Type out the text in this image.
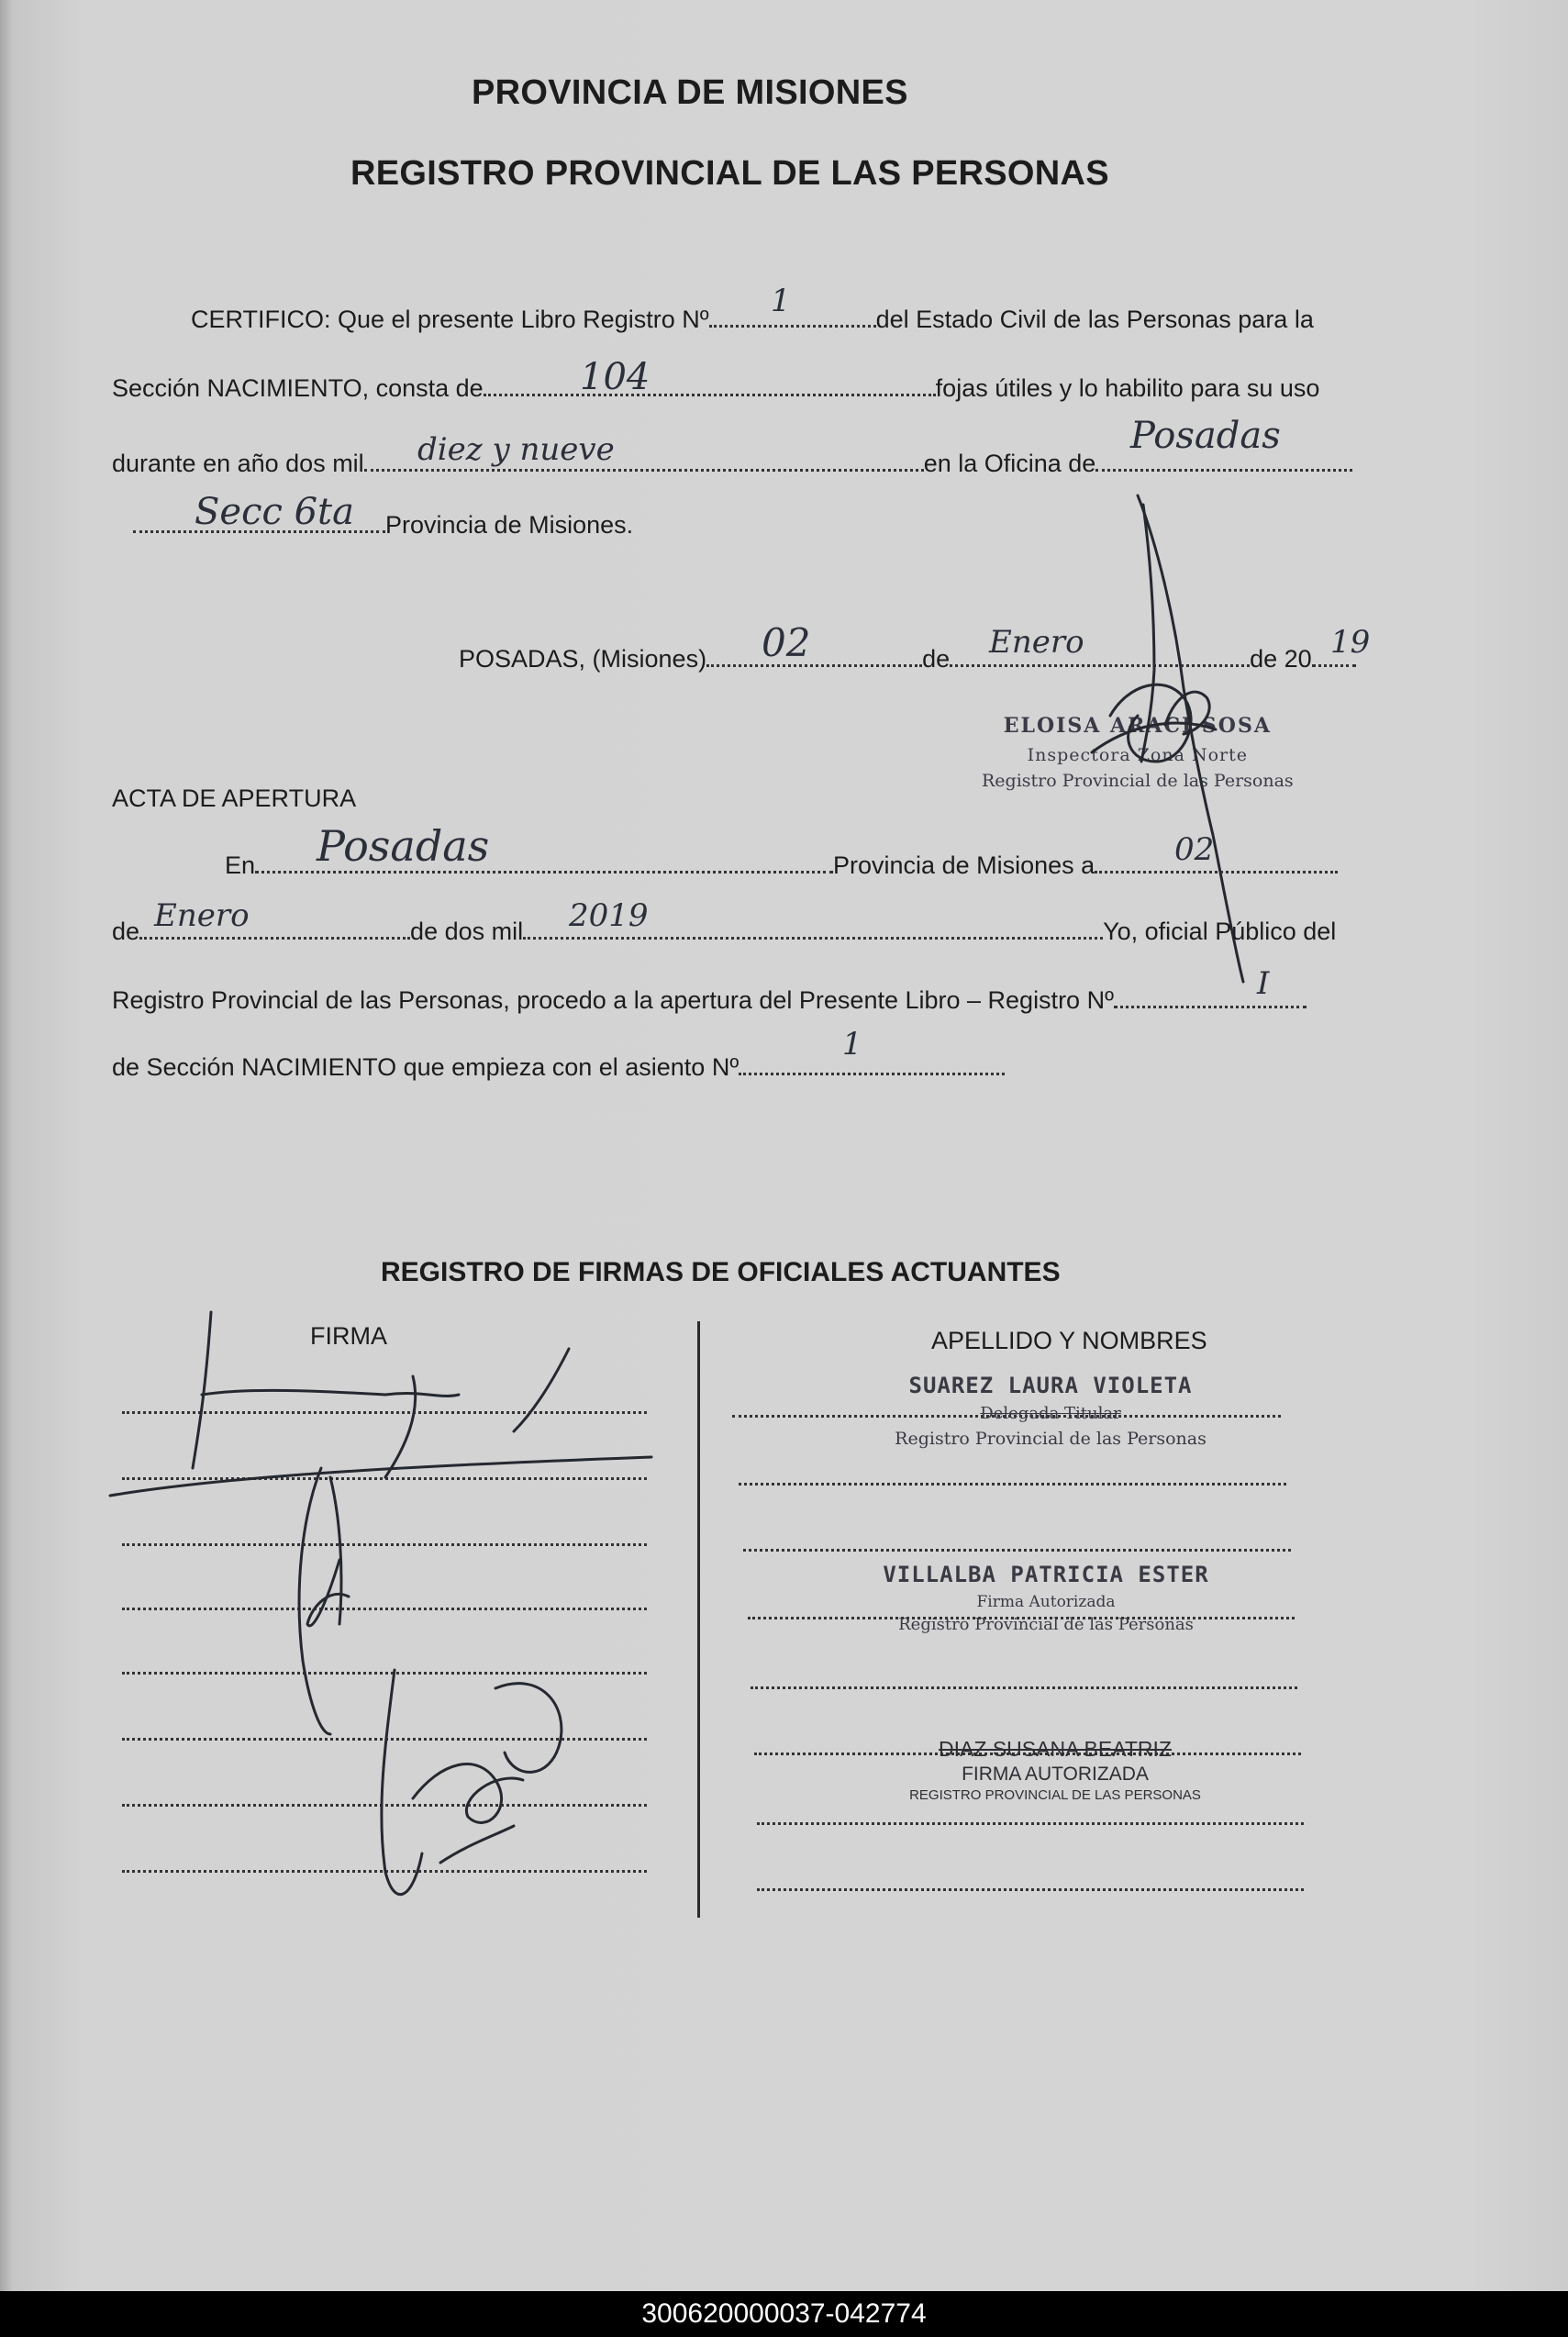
PROVINCIA DE MISIONES
REGISTRO PROVINCIAL DE LAS PERSONAS
CERTIFICO: Que el presente Libro Registro Nº	del Estado Civil de las Personas para la
1
Sección NACIMIENTO, consta de	fojas útiles y lo habilito para su uso
104
durante en año dos mil	en la Oficina de
diez y nueve	Posadas
Provincia de Misiones.
Secc 6ta
POSADAS, (Misiones)	de	de 20
02	Enero	19
ELOISA ARACI SOSA
Inspectora Zona Norte
Registro Provincial de las Personas
ACTA DE APERTURA
En	Provincia de Misiones a
Posadas	02
de	de dos mil	Yo, oficial Público del
Enero	2019
Registro Provincial de las Personas, procedo a la apertura del Presente Libro – Registro Nº	I
de Sección NACIMIENTO que empieza con el asiento Nº
1
REGISTRO DE FIRMAS DE OFICIALES ACTUANTES
FIRMA	APELLIDO Y NOMBRES
SUAREZ LAURA VIOLETA
Delegada Titular
Registro Provincial de las Personas
VILLALBA PATRICIA ESTER
Firma Autorizada
Registro Provincial de las Personas
DIAZ SUSANA BEATRIZ
FIRMA AUTORIZADA
REGISTRO PROVINCIAL DE LAS PERSONAS
300620000037-042774
